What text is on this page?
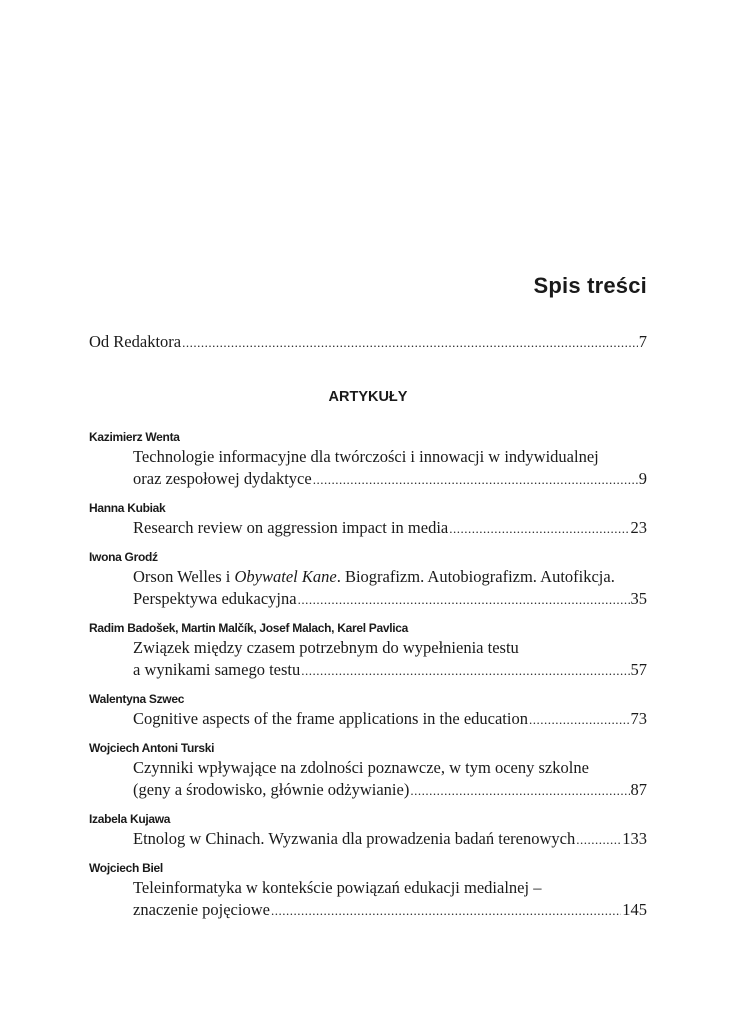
Spis treści
Od Redaktora .....	7
ARTYKUŁY
Kazimierz Wenta
Technologie informacyjne dla twórczości i innowacji w indywidualnej
oraz zespołowej dydaktyce .....	9
Hanna Kubiak
Research review on aggression impact in media .....	23
Iwona Grodź
Orson Welles i Obywatel Kane. Biografizm. Autobiografizm. Autofikcja.
Perspektywa edukacyjna .....	35
Radim Badošek, Martin Malčík, Josef Malach, Karel Pavlica
Związek między czasem potrzebnym do wypełnienia testu
a wynikami samego testu .....	57
Walentyna Szwec
Cognitive aspects of the frame applications in the education .....	73
Wojciech Antoni Turski
Czynniki wpływające na zdolności poznawcze, w tym oceny szkolne
(geny a środowisko, głównie odżywianie) .....	87
Izabela Kujawa
Etnolog w Chinach. Wyzwania dla prowadzenia badań terenowych .....	133
Wojciech Biel
Teleinformatyka w kontekście powiązań edukacji medialnej –
znaczenie pojęciowe .....	145
